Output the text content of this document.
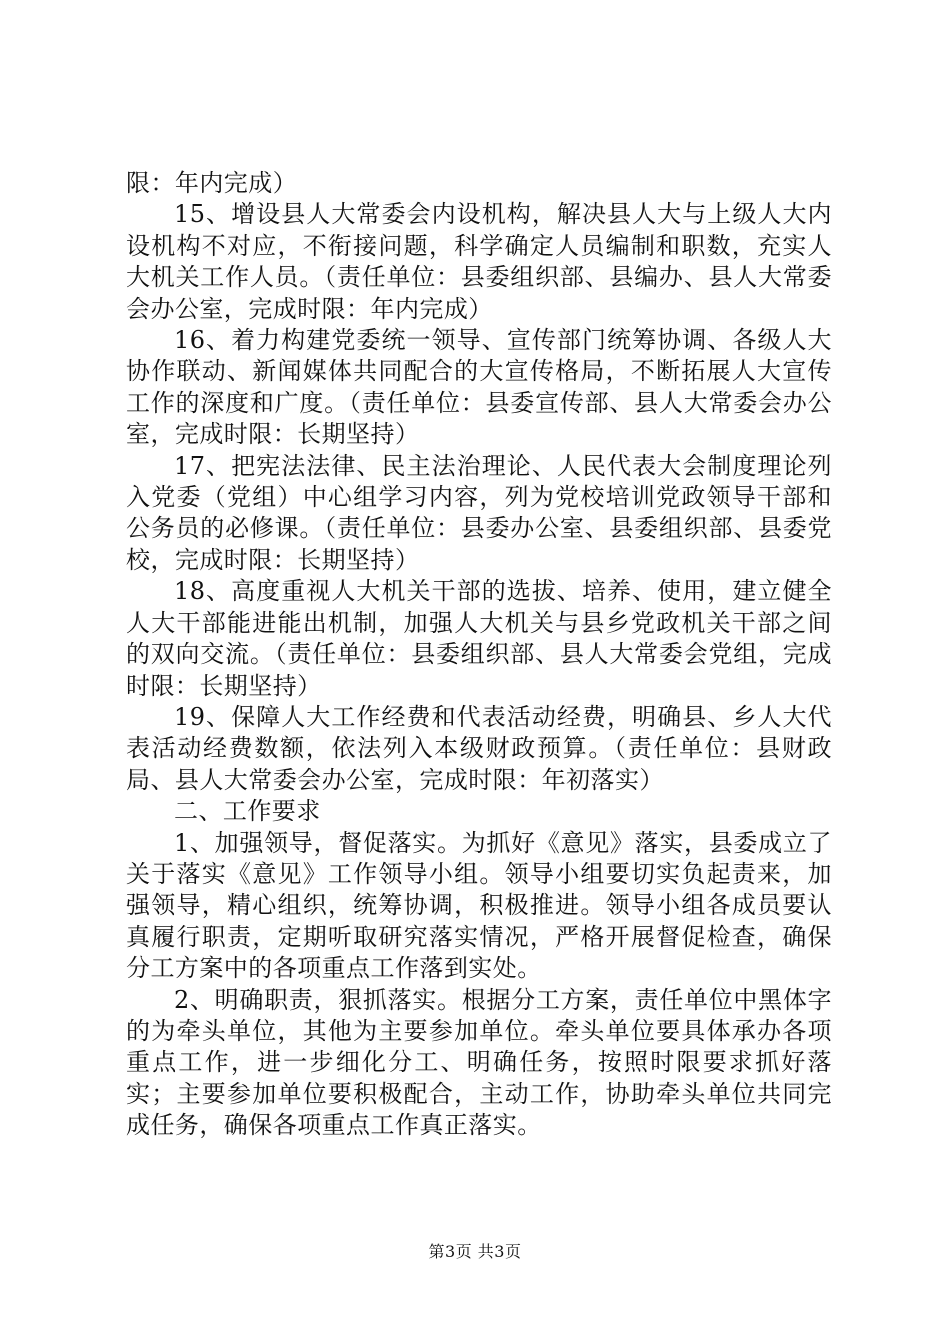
限：年内完成）

15、增设县人大常委会内设机构，解决县人大与上级人大内设机构不对应，不衔接问题，科学确定人员编制和职数，充实人大机关工作人员。（责任单位：县委组织部、县编办、县人大常委会办公室，完成时限：年内完成）

16、着力构建党委统一领导、宣传部门统筹协调、各级人大协作联动、新闻媒体共同配合的大宣传格局，不断拓展人大宣传工作的深度和广度。（责任单位：县委宣传部、县人大常委会办公室，完成时限：长期坚持）

17、把宪法法律、民主法治理论、人民代表大会制度理论列入党委（党组）中心组学习内容，列为党校培训党政领导干部和公务员的必修课。（责任单位：县委办公室、县委组织部、县委党校，完成时限：长期坚持）

18、高度重视人大机关干部的选拔、培养、使用，建立健全人大干部能进能出机制，加强人大机关与县乡党政机关干部之间的双向交流。（责任单位：县委组织部、县人大常委会党组，完成时限：长期坚持）

19、保障人大工作经费和代表活动经费，明确县、乡人大代表活动经费数额，依法列入本级财政预算。（责任单位：县财政局、县人大常委会办公室，完成时限：年初落实）

二、工作要求

1、加强领导，督促落实。为抓好《意见》落实，县委成立了关于落实《意见》工作领导小组。领导小组要切实负起责来，加强领导，精心组织，统筹协调，积极推进。领导小组各成员要认真履行职责，定期听取研究落实情况，严格开展督促检查，确保分工方案中的各项重点工作落到实处。

2、明确职责，狠抓落实。根据分工方案，责任单位中黑体字的为牵头单位，其他为主要参加单位。牵头单位要具体承办各项重点工作，进一步细化分工、明确任务，按照时限要求抓好落实；主要参加单位要积极配合，主动工作，协助牵头单位共同完成任务，确保各项重点工作真正落实。

第3页 共3页
